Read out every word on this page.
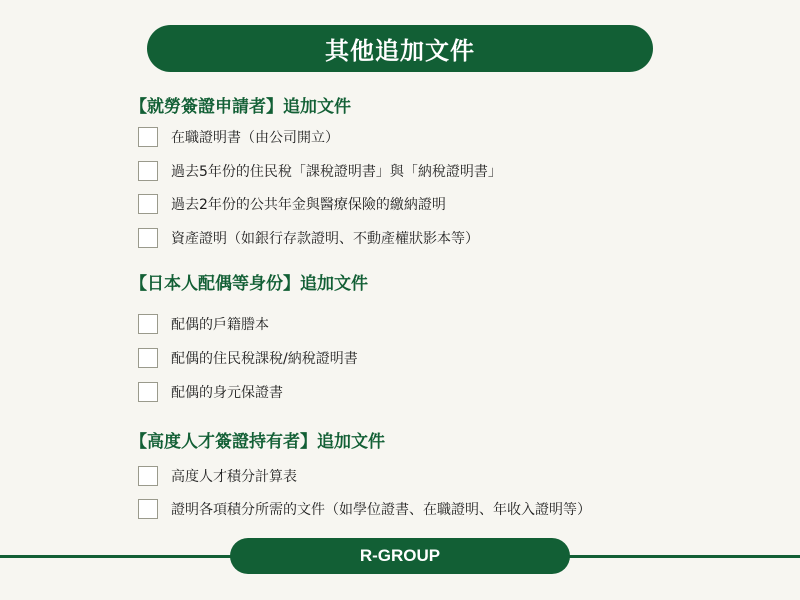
其他追加文件
【就勞簽證申請者】追加文件
在職證明書（由公司開立）
過去5年份的住民稅「課稅證明書」與「納稅證明書」
過去2年份的公共年金與醫療保險的繳納證明
資產證明（如銀行存款證明、不動產權狀影本等）
【日本人配偶等身份】追加文件
配偶的戶籍謄本
配偶的住民稅課稅/納稅證明書
配偶的身元保證書
【高度人才簽證持有者】追加文件
高度人才積分計算表
證明各項積分所需的文件（如學位證書、在職證明、年收入證明等）
R-GROUP
